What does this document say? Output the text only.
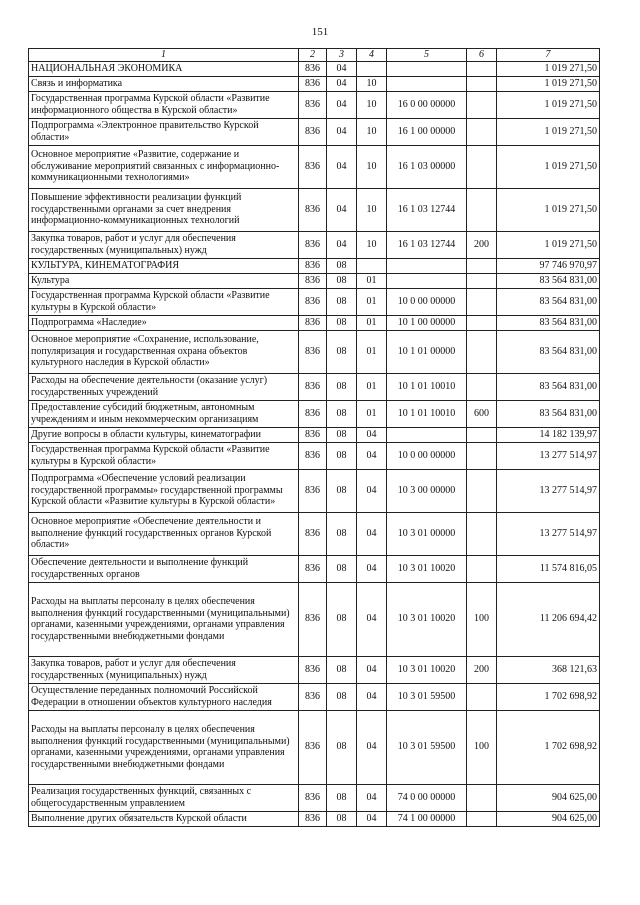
151
1	2	3	4	5	6	7
НАЦИОНАЛЬНАЯ ЭКОНОМИКА	836	04				1 019 271,50
Связь и информатика	836	04	10			1 019 271,50
Государственная программа Курской области «Развитие информационного общества в Курской области»	836	04	10	16 0 00 00000		1 019 271,50
Подпрограмма «Электронное правительство Курской области»	836	04	10	16 1 00 00000		1 019 271,50
Основное мероприятие «Развитие, содержание и обслуживание мероприятий связанных с информационно-коммуникационными технологиями»	836	04	10	16 1 03 00000		1 019 271,50
Повышение эффективности реализации функций государственными органами за счет внедрения информационно-коммуникационных технологий	836	04	10	16 1 03 12744		1 019 271,50
Закупка товаров, работ и услуг для обеспечения государственных (муниципальных) нужд	836	04	10	16 1 03 12744	200	1 019 271,50
КУЛЬТУРА, КИНЕМАТОГРАФИЯ	836	08				97 746 970,97
Культура	836	08	01			83 564 831,00
Государственная программа Курской области «Развитие культуры в Курской области»	836	08	01	10 0 00 00000		83 564 831,00
Подпрограмма «Наследие»	836	08	01	10 1 00 00000		83 564 831,00
Основное мероприятие «Сохранение, использование, популяризация и государственная охрана объектов культурного наследия в Курской области»	836	08	01	10 1 01 00000		83 564 831,00
Расходы на обеспечение деятельности (оказание услуг) государственных учреждений	836	08	01	10 1 01 10010		83 564 831,00
Предоставление субсидий бюджетным, автономным учреждениям и иным некоммерческим организациям	836	08	01	10 1 01 10010	600	83 564 831,00
Другие вопросы в области культуры, кинематографии	836	08	04			14 182 139,97
Государственная программа Курской области «Развитие культуры в Курской области»	836	08	04	10 0 00 00000		13 277 514,97
Подпрограмма «Обеспечение условий реализации государственной программы» государственной программы Курской области «Развитие культуры в Курской области»	836	08	04	10 3 00 00000		13 277 514,97
Основное мероприятие «Обеспечение деятельности и выполнение функций государственных органов Курской области»	836	08	04	10 3 01 00000		13 277 514,97
Обеспечение деятельности и выполнение функций государственных органов	836	08	04	10 3 01 10020		11 574 816,05
Расходы на выплаты персоналу в целях обеспечения выполнения функций государственными (муниципальными) органами, казенными учреждениями, органами управления государственными внебюджетными фондами	836	08	04	10 3 01 10020	100	11 206 694,42
Закупка товаров, работ и услуг для обеспечения государственных (муниципальных) нужд	836	08	04	10 3 01 10020	200	368 121,63
Осуществление переданных полномочий Российской Федерации в отношении объектов культурного наследия	836	08	04	10 3 01 59500		1 702 698,92
Расходы на выплаты персоналу в целях обеспечения выполнения функций государственными (муниципальными) органами, казенными учреждениями, органами управления государственными внебюджетными фондами	836	08	04	10 3 01 59500	100	1 702 698,92
Реализация государственных функций, связанных с общегосударственным управлением	836	08	04	74 0 00 00000		904 625,00
Выполнение других обязательств Курской области	836	08	04	74 1 00 00000		904 625,00
